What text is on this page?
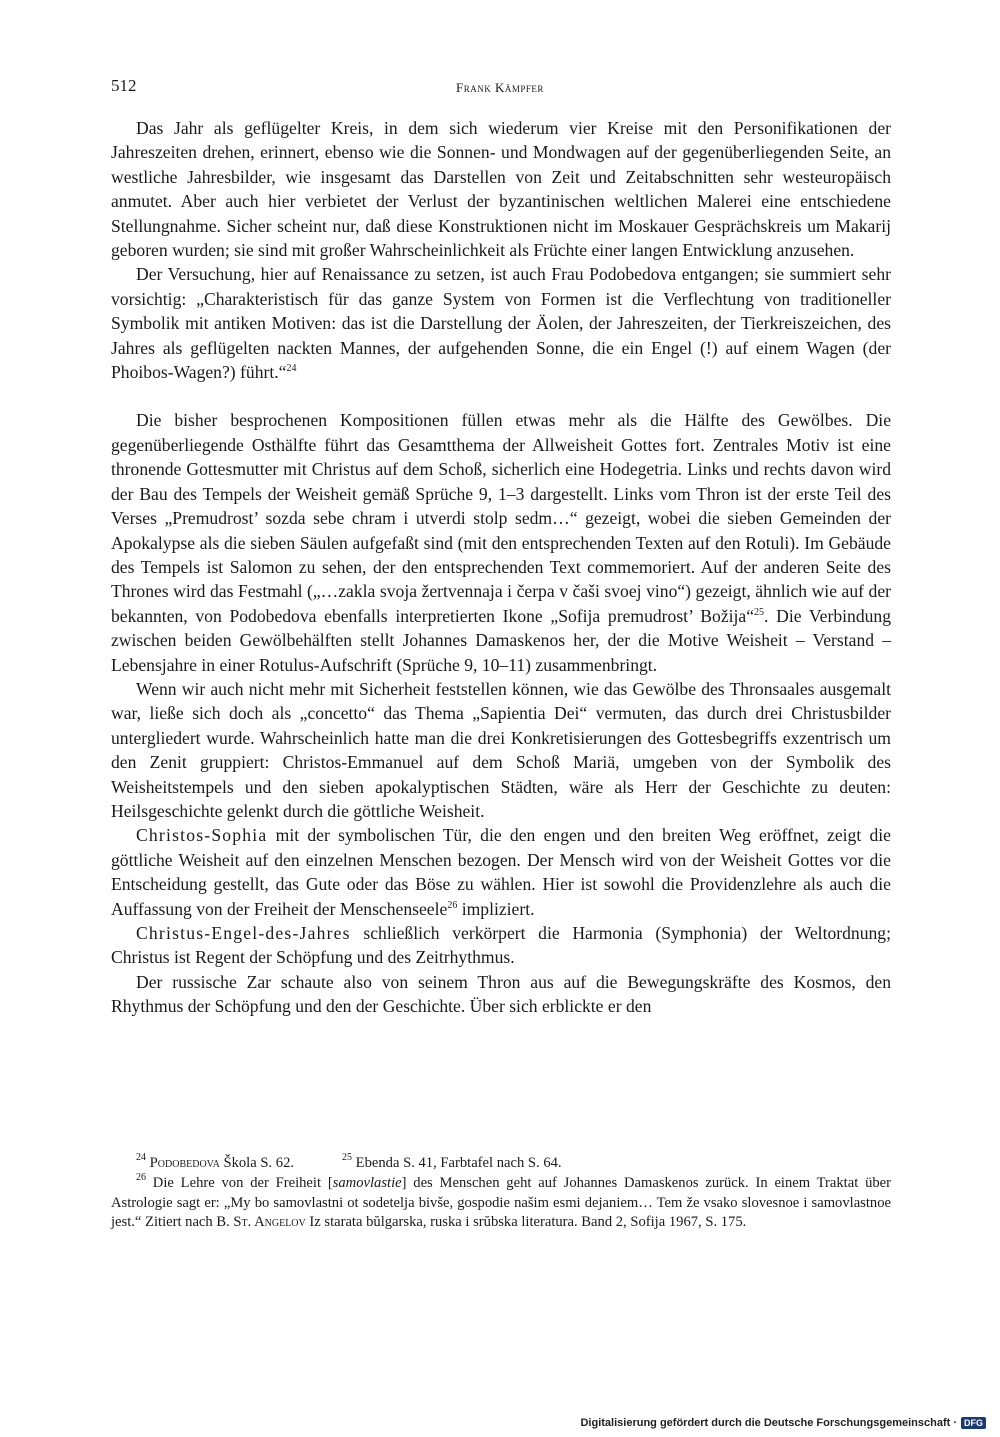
512	Frank Kämpfer

Das Jahr als geflügelter Kreis, in dem sich wiederum vier Kreise mit den Personifikationen der Jahreszeiten drehen, erinnert, ebenso wie die Sonnen- und Mondwagen auf der gegenüberliegenden Seite, an westliche Jahresbilder, wie insgesamt das Darstellen von Zeit und Zeitabschnitten sehr westeuropäisch anmutet. Aber auch hier verbietet der Verlust der byzantinischen weltlichen Malerei eine entschiedene Stellungnahme. Sicher scheint nur, daß diese Konstruktionen nicht im Moskauer Gesprächskreis um Makarij geboren wurden; sie sind mit großer Wahrscheinlichkeit als Früchte einer langen Entwicklung anzusehen.

Der Versuchung, hier auf Renaissance zu setzen, ist auch Frau Podobedova entgangen; sie summiert sehr vorsichtig: „Charakteristisch für das ganze System von Formen ist die Verflechtung von traditioneller Symbolik mit antiken Motiven: das ist die Darstellung der Äolen, der Jahreszeiten, der Tierkreiszeichen, des Jahres als geflügelten nackten Mannes, der aufgehenden Sonne, die ein Engel (!) auf einem Wagen (der Phoibos-Wagen?) führt.“$^{24}$

Die bisher besprochenen Kompositionen füllen etwas mehr als die Hälfte des Gewölbes. Die gegenüberliegende Osthälfte führt das Gesamtthema der Allweisheit Gottes fort. Zentrales Motiv ist eine thronende Gottesmutter mit Christus auf dem Schoß, sicherlich eine Hodegetria. Links und rechts davon wird der Bau des Tempels der Weisheit gemäß Sprüche 9, 1–3 dargestellt. Links vom Thron ist der erste Teil des Verses „Premudrost’ sozda sebe chram i utverdi stolp sedm…“ gezeigt, wobei die sieben Gemeinden der Apokalypse als die sieben Säulen aufgefaßt sind (mit den entsprechenden Texten auf den Rotuli). Im Gebäude des Tempels ist Salomon zu sehen, der den entsprechenden Text commemoriert. Auf der anderen Seite des Thrones wird das Festmahl („…zakla svoja žertvennaja i čerpa v čaši svoej vino“) gezeigt, ähnlich wie auf der bekannten, von Podobedova ebenfalls interpretierten Ikone „Sofija premudrost’ Božija“$^{25}$. Die Verbindung zwischen beiden Gewölbehälften stellt Johannes Damaskenos her, der die Motive Weisheit – Verstand – Lebensjahre in einer Rotulus-Aufschrift (Sprüche 9, 10–11) zusammenbringt.

Wenn wir auch nicht mehr mit Sicherheit feststellen können, wie das Gewölbe des Thronsaales ausgemalt war, ließe sich doch als „concetto“ das Thema „Sapientia Dei“ vermuten, das durch drei Christusbilder untergliedert wurde. Wahrscheinlich hatte man die drei Konkretisierungen des Gottesbegriffs exzentrisch um den Zenit gruppiert: Christos-Emmanuel auf dem Schoß Mariä, umgeben von der Symbolik des Weisheitstempels und den sieben apokalyptischen Städten, wäre als Herr der Geschichte zu deuten: Heilsgeschichte gelenkt durch die göttliche Weisheit.

Christos-Sophia mit der symbolischen Tür, die den engen und den breiten Weg eröffnet, zeigt die göttliche Weisheit auf den einzelnen Menschen bezogen. Der Mensch wird von der Weisheit Gottes vor die Entscheidung gestellt, das Gute oder das Böse zu wählen. Hier ist sowohl die Providenzlehre als auch die Auffassung von der Freiheit der Menschenseele$^{26}$ impliziert.

Christus-Engel-des-Jahres schließlich verkörpert die Harmonia (Symphonia) der Weltordnung; Christus ist Regent der Schöpfung und des Zeitrhythmus.

Der russische Zar schaute also von seinem Thron aus auf die Bewegungskräfte des Kosmos, den Rhythmus der Schöpfung und den der Geschichte. Über sich erblickte er den

$^{24}$ Podobedova Škola S. 62.	$^{25}$ Ebenda S. 41, Farbtafel nach S. 64.

$^{26}$ Die Lehre von der Freiheit [samovlastie] des Menschen geht auf Johannes Damaskenos zurück. In einem Traktat über Astrologie sagt er: „My bo samovlastni ot sodetelja bivše, gospodie našim esmi dejaniem… Tem že vsako slovesnoe i samovlastnoe jest.“ Zitiert nach B. St. Angelov Iz starata bŭlgarska, ruska i srŭbska literatura. Band 2, Sofija 1967, S. 175.

Digitalisierung gefördert durch die Deutsche Forschungsgemeinschaft · DFG
